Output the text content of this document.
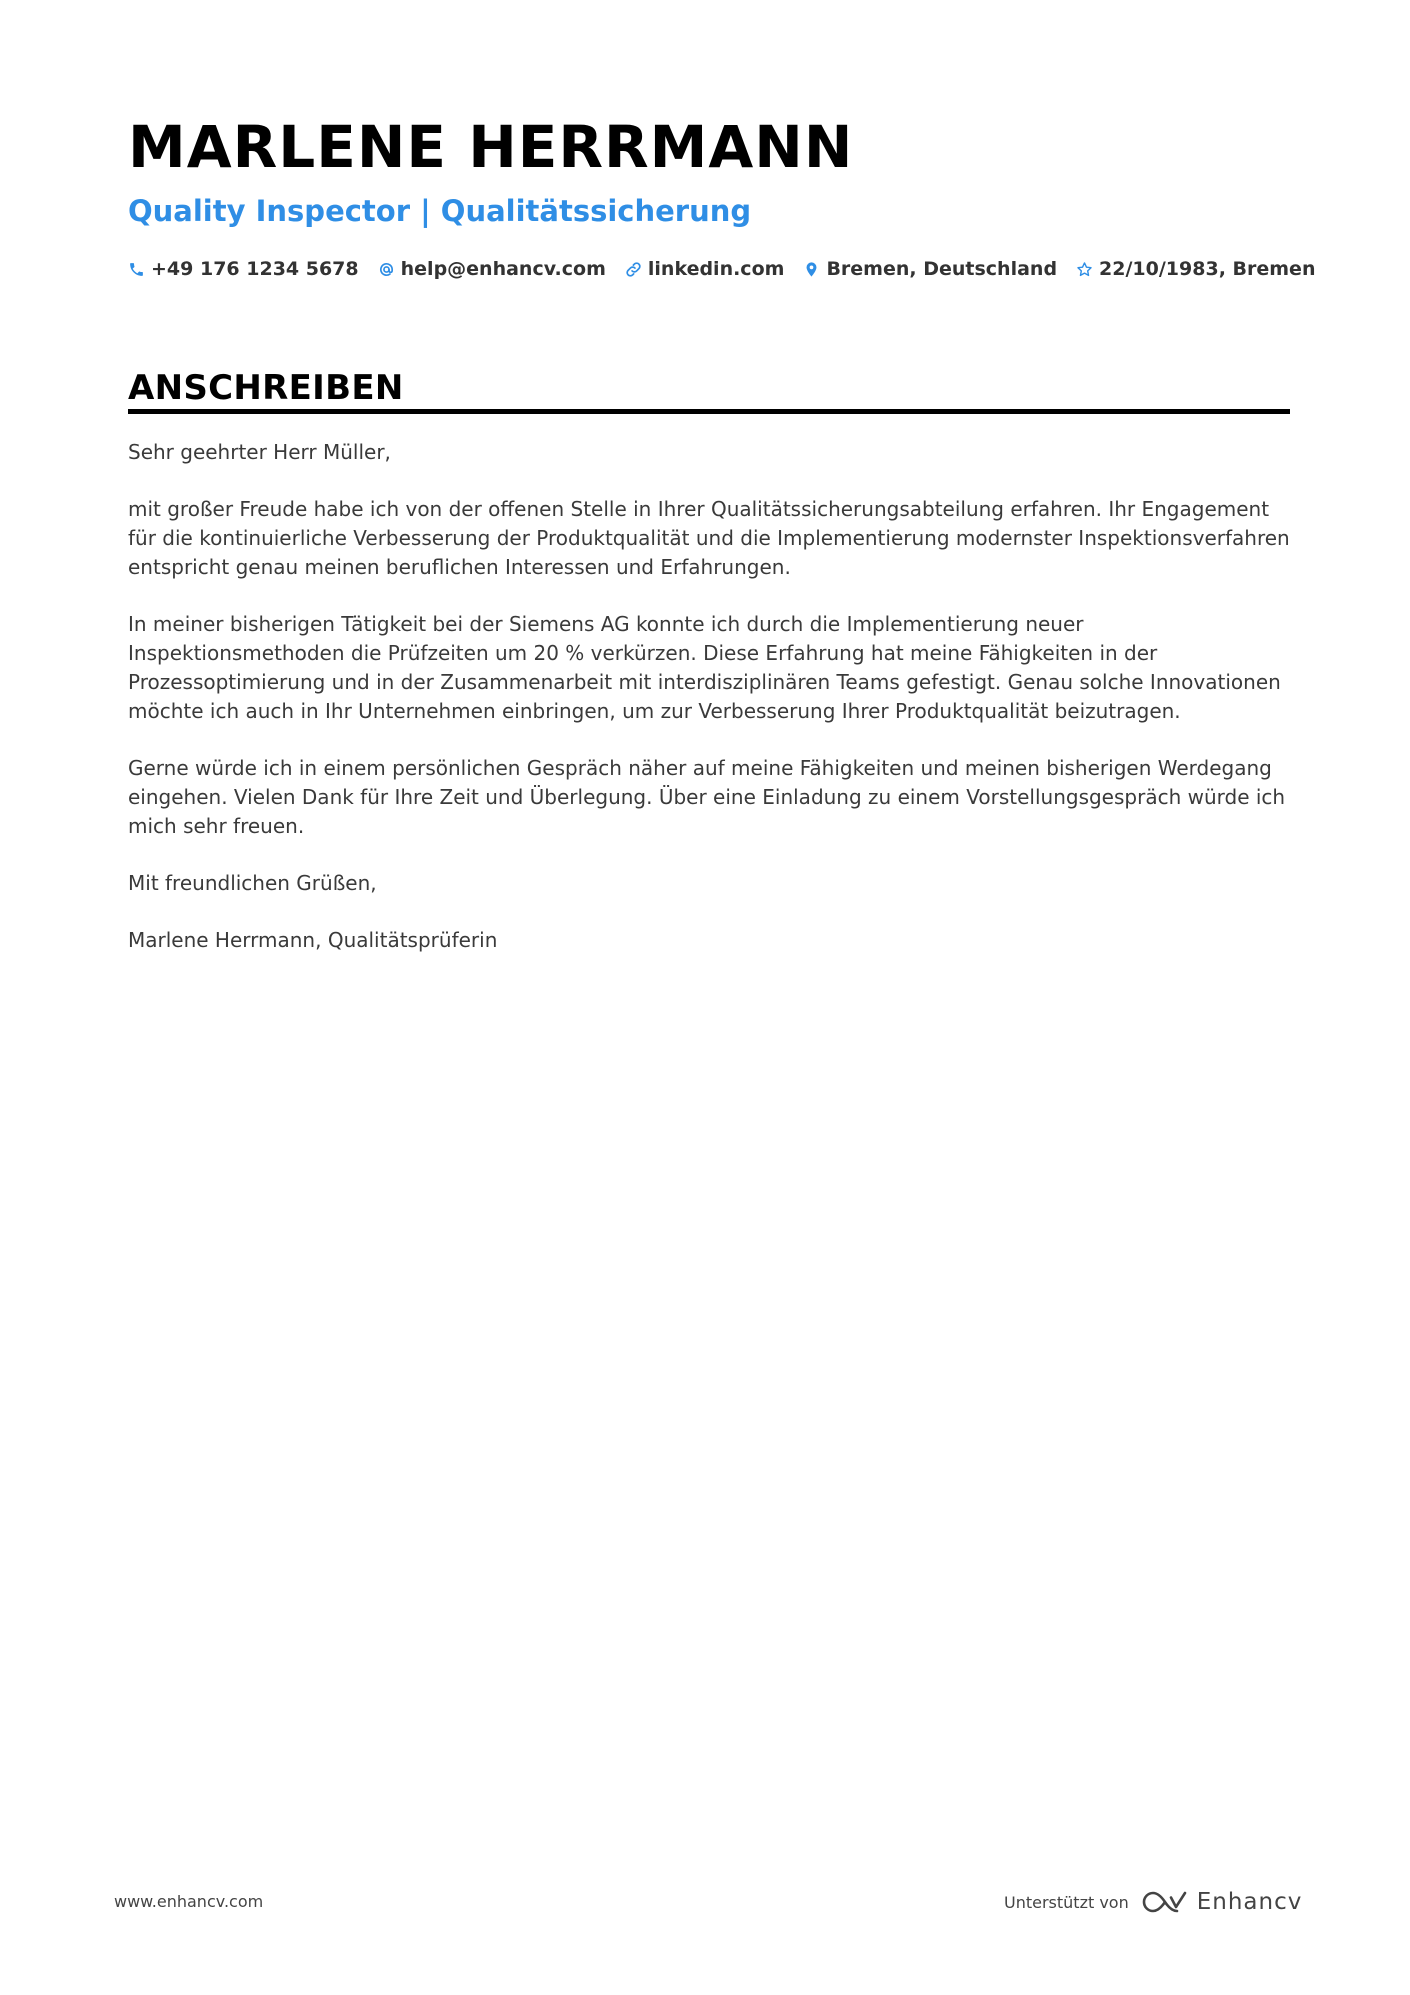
MARLENE HERRMANN
Quality Inspector | Qualitätssicherung
+49 176 1234 5678 help@enhancv.com linkedin.com Bremen, Deutschland 22/10/1983, Bremen
ANSCHREIBEN

Sehr geehrter Herr Müller,

mit großer Freude habe ich von der offenen Stelle in Ihrer Qualitätssicherungsabteilung erfahren. Ihr Engagement für die kontinuierliche Verbesserung der Produktqualität und die Implementierung modernster Inspektionsverfahren entspricht genau meinen beruflichen Interessen und Erfahrungen.

In meiner bisherigen Tätigkeit bei der Siemens AG konnte ich durch die Implementierung neuer Inspektionsmethoden die Prüfzeiten um 20 % verkürzen. Diese Erfahrung hat meine Fähigkeiten in der Prozessoptimierung und in der Zusammenarbeit mit interdisziplinären Teams gefestigt. Genau solche Innovationen möchte ich auch in Ihr Unternehmen einbringen, um zur Verbesserung Ihrer Produktqualität beizutragen.

Gerne würde ich in einem persönlichen Gespräch näher auf meine Fähigkeiten und meinen bisherigen Werdegang eingehen. Vielen Dank für Ihre Zeit und Überlegung. Über eine Einladung zu einem Vorstellungsgespräch würde ich mich sehr freuen.

Mit freundlichen Grüßen,

Marlene Herrmann, Qualitätsprüferin

www.enhancv.com	Unterstützt von	Enhancv
